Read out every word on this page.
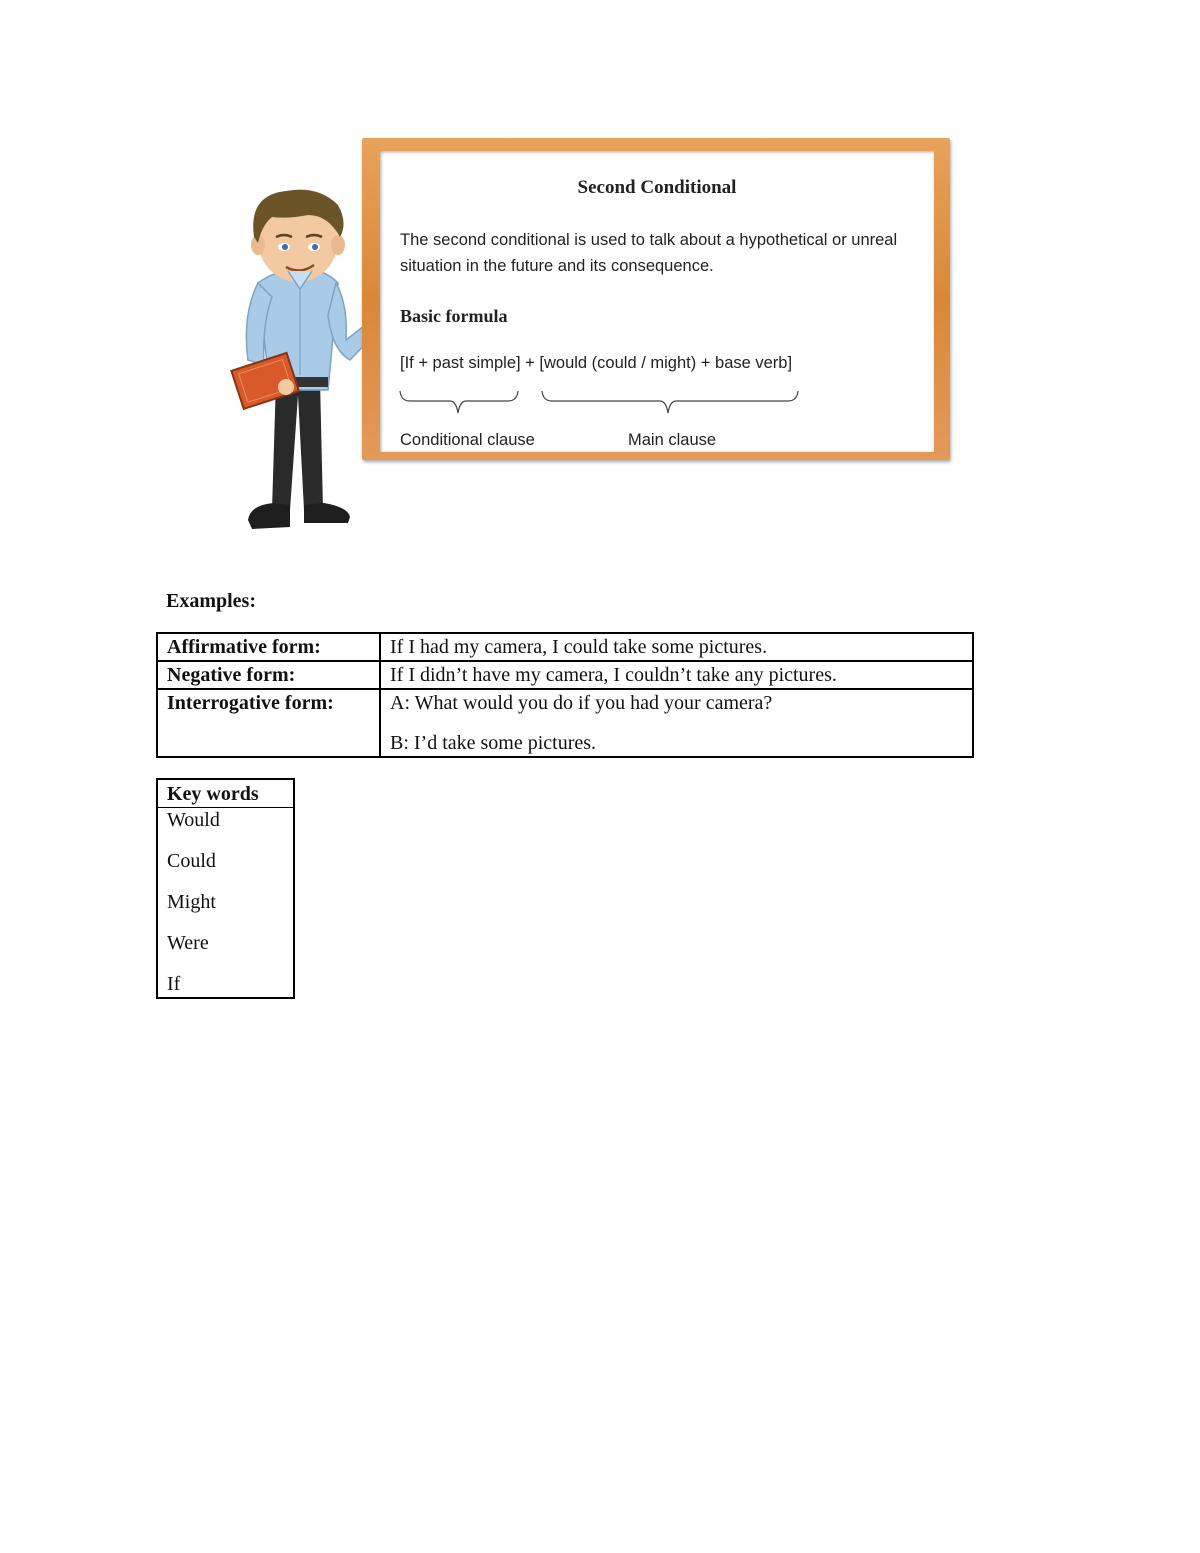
Second Conditional
The second conditional is used to talk about a hypothetical or unreal situation in the future and its consequence.
Basic formula
[If + past simple] + [would (could / might) + base verb]
Conditional clause	Main clause
Examples:
Affirmative form:	If I had my camera, I could take some pictures.
Negative form:	If I didn’t have my camera, I couldn’t take any pictures.
Interrogative form:	A: What would you do if you had your camera?
B: I’d take some pictures.
Key words
Would
Could
Might
Were
If
